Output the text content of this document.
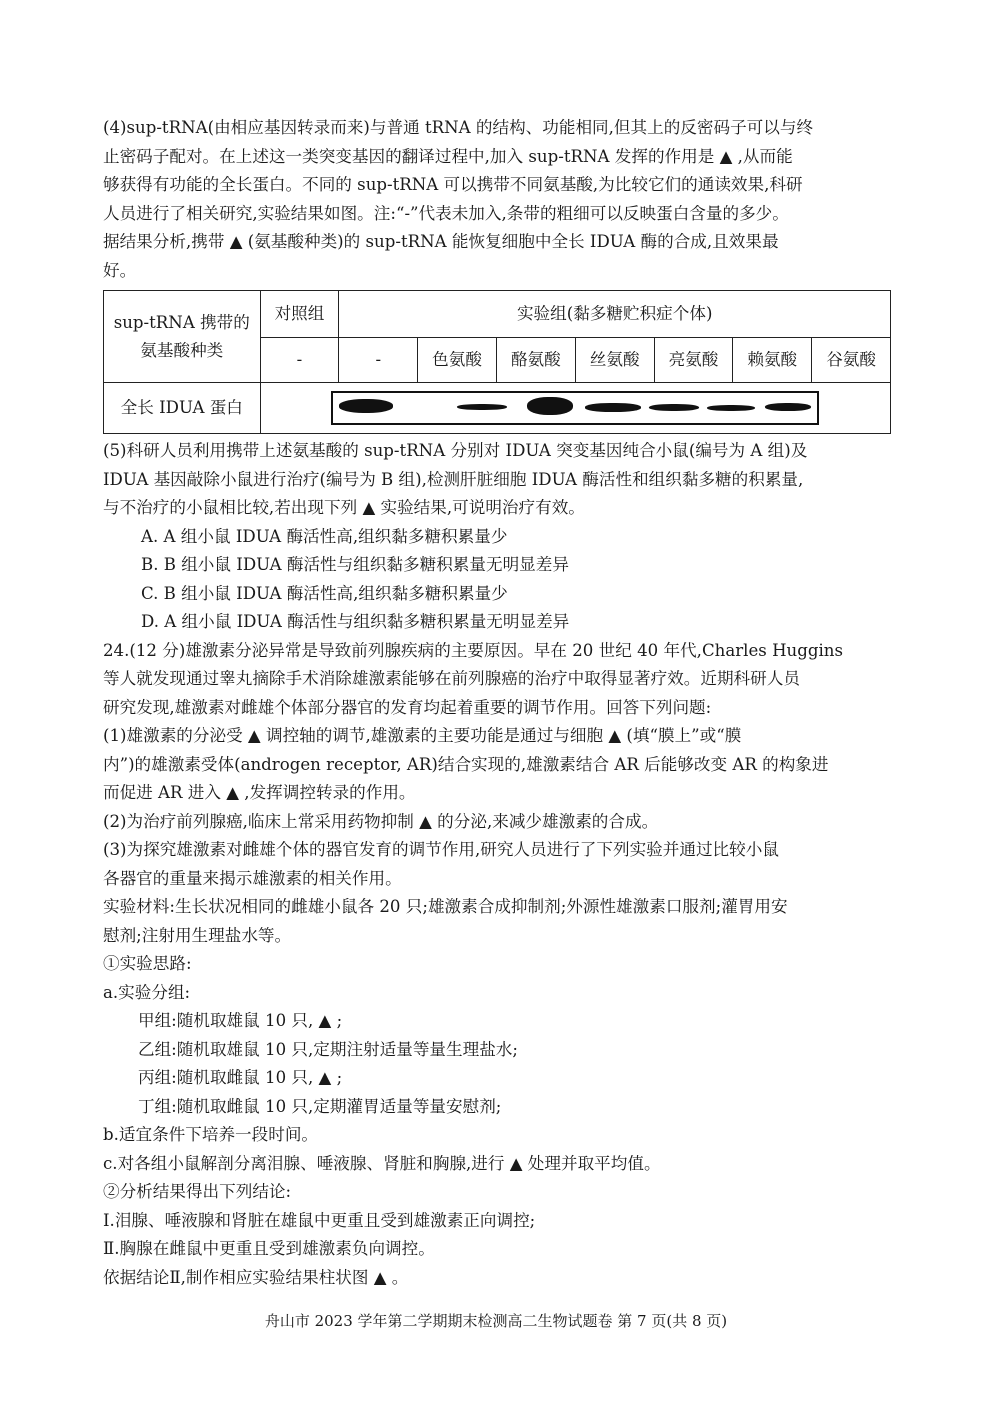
(4)sup-tRNA(由相应基因转录而来)与普通 tRNA 的结构、功能相同,但其上的反密码子可以与终

止密码子配对。在上述这一类突变基因的翻译过程中,加入 sup-tRNA 发挥的作用是 ▲ ,从而能

够获得有功能的全长蛋白。不同的 sup-tRNA 可以携带不同氨基酸,为比较它们的通读效果,科研

人员进行了相关研究,实验结果如图。注:“-”代表未加入,条带的粗细可以反映蛋白含量的多少。

据结果分析,携带 ▲ (氨基酸种类)的 sup-tRNA 能恢复细胞中全长 IDUA 酶的合成,且效果最

好。

sup-tRNA 携带的氨基酸种类	对照组	实验组(黏多糖贮积症个体)						
	-	-	色氨酸	酪氨酸	丝氨酸	亮氨酸	赖氨酸	谷氨酸
全长 IDUA 蛋白								

(5)科研人员利用携带上述氨基酸的 sup-tRNA 分别对 IDUA 突变基因纯合小鼠(编号为 A 组)及

IDUA 基因敲除小鼠进行治疗(编号为 B 组),检测肝脏细胞 IDUA 酶活性和组织黏多糖的积累量,

与不治疗的小鼠相比较,若出现下列 ▲ 实验结果,可说明治疗有效。

A. A 组小鼠 IDUA 酶活性高,组织黏多糖积累量少

B. B 组小鼠 IDUA 酶活性与组织黏多糖积累量无明显差异

C. B 组小鼠 IDUA 酶活性高,组织黏多糖积累量少

D. A 组小鼠 IDUA 酶活性与组织黏多糖积累量无明显差异

24.(12 分)雄激素分泌异常是导致前列腺疾病的主要原因。早在 20 世纪 40 年代,Charles Huggins

等人就发现通过睾丸摘除手术消除雄激素能够在前列腺癌的治疗中取得显著疗效。近期科研人员

研究发现,雄激素对雌雄个体部分器官的发育均起着重要的调节作用。回答下列问题:

(1)雄激素的分泌受 ▲ 调控轴的调节,雄激素的主要功能是通过与细胞 ▲ (填“膜上”或“膜

内”)的雄激素受体(androgen receptor, AR)结合实现的,雄激素结合 AR 后能够改变 AR 的构象进

而促进 AR 进入 ▲ ,发挥调控转录的作用。

(2)为治疗前列腺癌,临床上常采用药物抑制 ▲ 的分泌,来减少雄激素的合成。

(3)为探究雄激素对雌雄个体的器官发育的调节作用,研究人员进行了下列实验并通过比较小鼠

各器官的重量来揭示雄激素的相关作用。

实验材料:生长状况相同的雌雄小鼠各 20 只;雄激素合成抑制剂;外源性雄激素口服剂;灌胃用安

慰剂;注射用生理盐水等。

①实验思路:

a.实验分组:

甲组:随机取雄鼠 10 只, ▲ ;

乙组:随机取雄鼠 10 只,定期注射适量等量生理盐水;

丙组:随机取雌鼠 10 只, ▲ ;

丁组:随机取雌鼠 10 只,定期灌胃适量等量安慰剂;

b.适宜条件下培养一段时间。

c.对各组小鼠解剖分离泪腺、唾液腺、肾脏和胸腺,进行 ▲ 处理并取平均值。

②分析结果得出下列结论:

Ⅰ.泪腺、唾液腺和肾脏在雄鼠中更重且受到雄激素正向调控;

Ⅱ.胸腺在雌鼠中更重且受到雄激素负向调控。

依据结论Ⅱ,制作相应实验结果柱状图 ▲ 。

舟山市 2023 学年第二学期期末检测高二生物试题卷 第 7 页(共 8 页)
